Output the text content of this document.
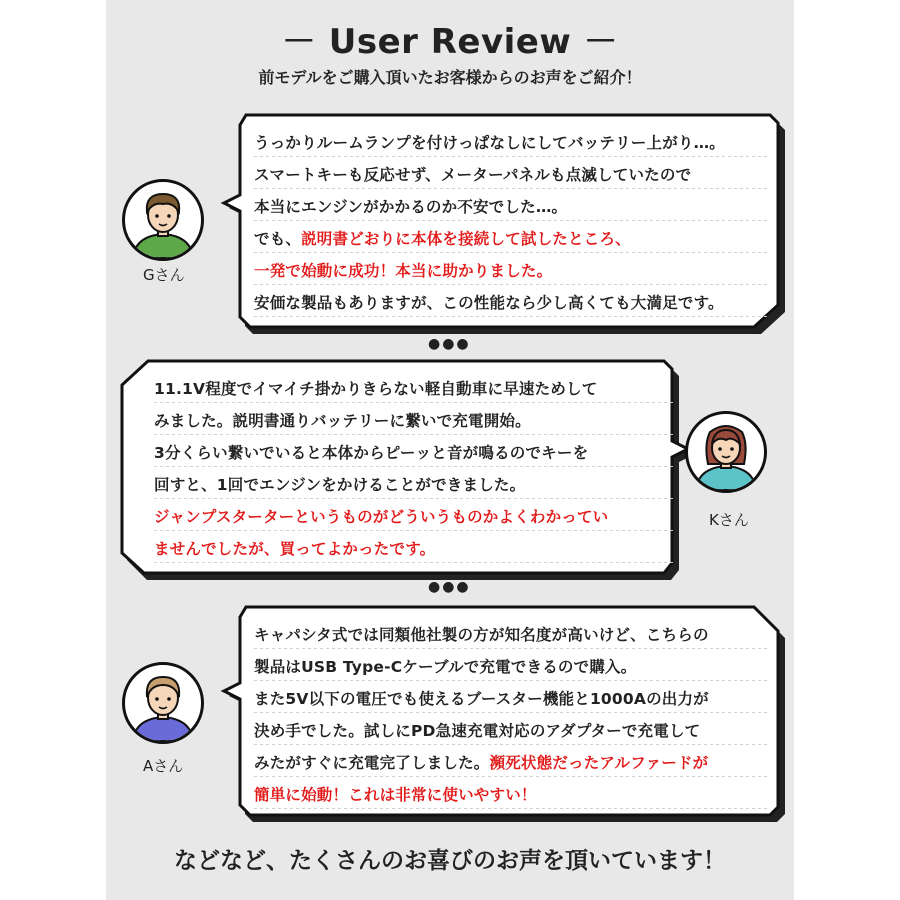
－ User Review －
前モデルをご購入頂いたお客様からのお声をご紹介！
うっかりルームランプを付けっぱなしにしてバッテリー上がり…。
スマートキーも反応せず、メーターパネルも点滅していたので
本当にエンジンがかかるのか不安でした…。
でも、説明書どおりに本体を接続して試したところ、
一発で始動に成功！本当に助かりました。
安価な製品もありますが、この性能なら少し高くても大満足です。
Gさん
●●●
11.1V程度でイマイチ掛かりきらない軽自動車に早速ためして
みました。説明書通りバッテリーに繋いで充電開始。
3分くらい繋いでいると本体からピーッと音が鳴るのでキーを
回すと、1回でエンジンをかけることができました。
ジャンプスターターというものがどういうものかよくわかってい
ませんでしたが、買ってよかったです。
Kさん
●●●
キャパシタ式では同類他社製の方が知名度が高いけど、こちらの
製品はUSB Type-Cケーブルで充電できるので購入。
また5V以下の電圧でも使えるブースター機能と1000Aの出力が
決め手でした。試しにPD急速充電対応のアダプターで充電して
みたがすぐに充電完了しました。瀕死状態だったアルファードが
簡単に始動！これは非常に使いやすい！
Aさん
などなど、たくさんのお喜びのお声を頂いています！
